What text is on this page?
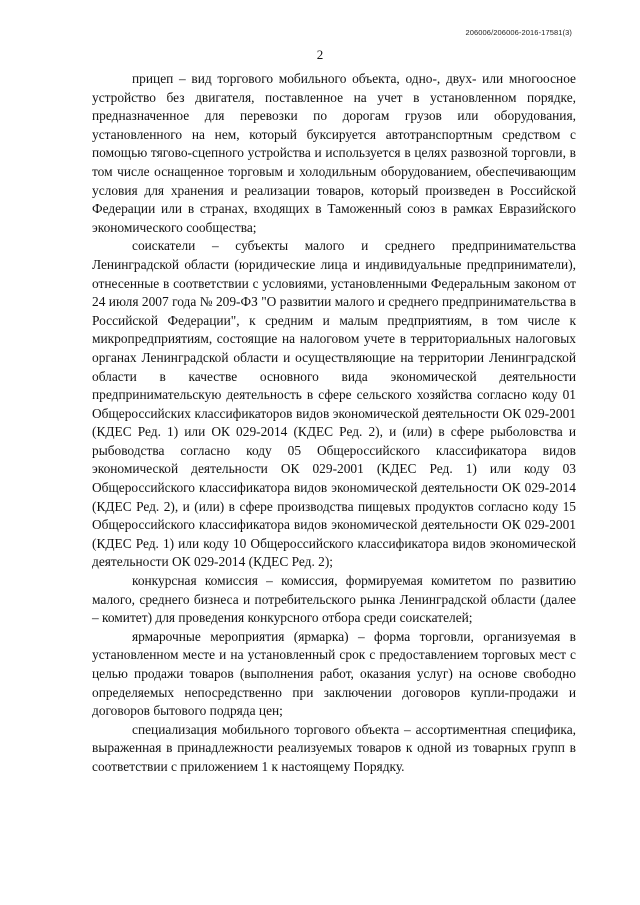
206006/206006-2016-17581(3)
2

прицеп – вид торгового мобильного объекта, одно-, двух- или многоосное устройство без двигателя, поставленное на учет в установленном порядке, предназначенное для перевозки по дорогам грузов или оборудования, установленного на нем, который буксируется автотранспортным средством с помощью тягово-сцепного устройства и используется в целях развозной торговли, в том числе оснащенное торговым и холодильным оборудованием, обеспечивающим условия для хранения и реализации товаров, который произведен в Российской Федерации или в странах, входящих в Таможенный союз в рамках Евразийского экономического сообщества;

соискатели – субъекты малого и среднего предпринимательства Ленинградской области (юридические лица и индивидуальные предприниматели), отнесенные в соответствии с условиями, установленными Федеральным законом от 24 июля 2007 года № 209-ФЗ "О развитии малого и среднего предпринимательства в Российской Федерации", к средним и малым предприятиям, в том числе к микропредприятиям, состоящие на налоговом учете в территориальных налоговых органах Ленинградской области и осуществляющие на территории Ленинградской области в качестве основного вида экономической деятельности предпринимательскую деятельность в сфере сельского хозяйства согласно коду 01 Общероссийских классификаторов видов экономической деятельности ОК 029-2001 (КДЕС Ред. 1) или ОК 029-2014 (КДЕС Ред. 2), и (или) в сфере рыболовства и рыбоводства согласно коду 05 Общероссийского классификатора видов экономической деятельности ОК 029-2001 (КДЕС Ред. 1) или коду 03 Общероссийского классификатора видов экономической деятельности ОК 029-2014 (КДЕС Ред. 2), и (или) в сфере производства пищевых продуктов согласно коду 15 Общероссийского классификатора видов экономической деятельности ОК 029-2001 (КДЕС Ред. 1) или коду 10 Общероссийского классификатора видов экономической деятельности ОК 029-2014 (КДЕС Ред. 2);

конкурсная комиссия – комиссия, формируемая комитетом по развитию малого, среднего бизнеса и потребительского рынка Ленинградской области (далее – комитет) для проведения конкурсного отбора среди соискателей;

ярмарочные мероприятия (ярмарка) – форма торговли, организуемая в установленном месте и на установленный срок с предоставлением торговых мест с целью продажи товаров (выполнения работ, оказания услуг) на основе свободно определяемых непосредственно при заключении договоров купли-продажи и договоров бытового подряда цен;

специализация мобильного торгового объекта – ассортиментная специфика, выраженная в принадлежности реализуемых товаров к одной из товарных групп в соответствии с приложением 1 к настоящему Порядку.
